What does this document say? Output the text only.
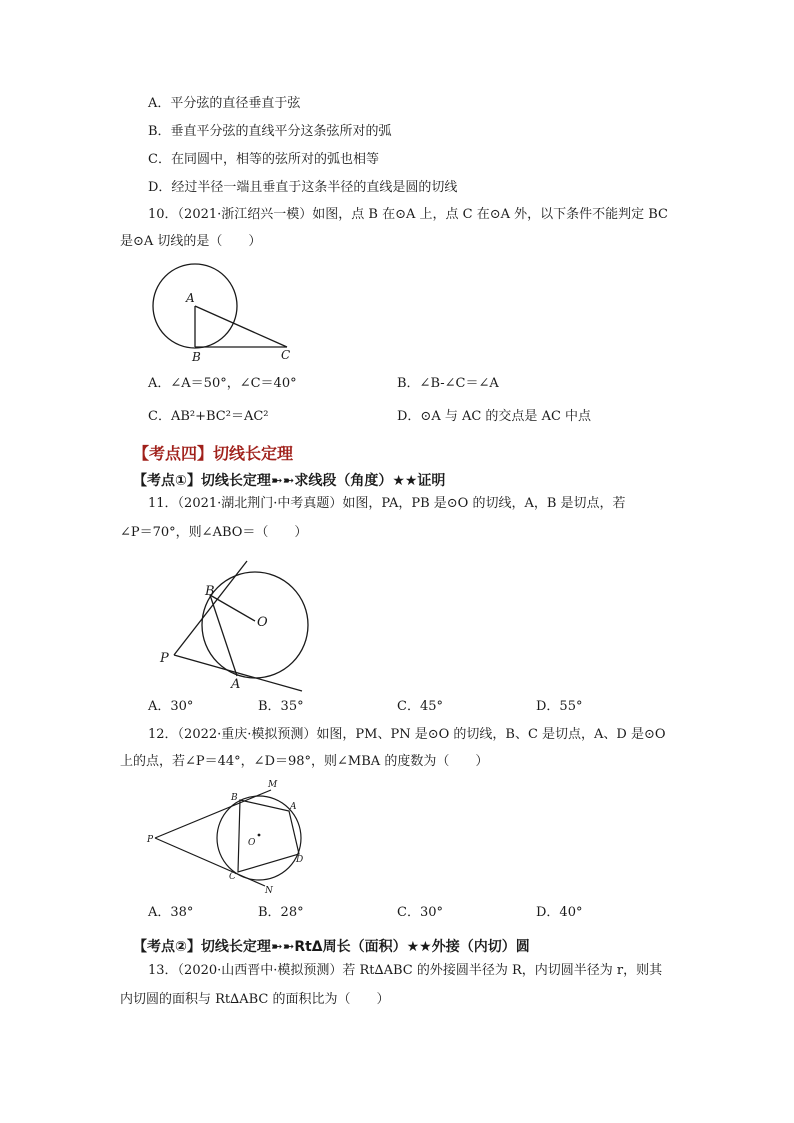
A．平分弦的直径垂直于弦
B．垂直平分弦的直线平分这条弦所对的弧
C．在同圆中，相等的弦所对的弧也相等
D．经过半径一端且垂直于这条半径的直线是圆的切线
10．（2021·浙江绍兴一模）如图，点 B 在⊙A 上，点 C 在⊙A 外，以下条件不能判定 BC
是⊙A 切线的是（　　）
A
B	C
A．∠A＝50°，∠C＝40°	B．∠B-∠C＝∠A
C．AB²+BC²＝AC²	D．⊙A 与 AC 的交点是 AC 中点
【考点四】切线长定理
【考点①】切线长定理➼➼求线段（角度）★★证明
11．（2021·湖北荆门·中考真题）如图，PA，PB 是⊙O 的切线，A，B 是切点，若
∠P＝70°，则∠ABO＝（　　）
B
O
P
A
A．30°	B．35°	C．45°	D．55°
12．（2022·重庆·模拟预测）如图，PM、PN 是⊙O 的切线，B、C 是切点，A、D 是⊙O
上的点，若∠P＝44°，∠D＝98°，则∠MBA 的度数为（　　）
M
B
A
P	O
D
C
N
A．38°	B．28°	C．30°	D．40°
【考点②】切线长定理➼➼RtΔ周长（面积）★★外接（内切）圆
13．（2020·山西晋中·模拟预测）若 Rt∆ABC 的外接圆半径为 R，内切圆半径为 r，则其
内切圆的面积与 Rt∆ABC 的面积比为（　　）
